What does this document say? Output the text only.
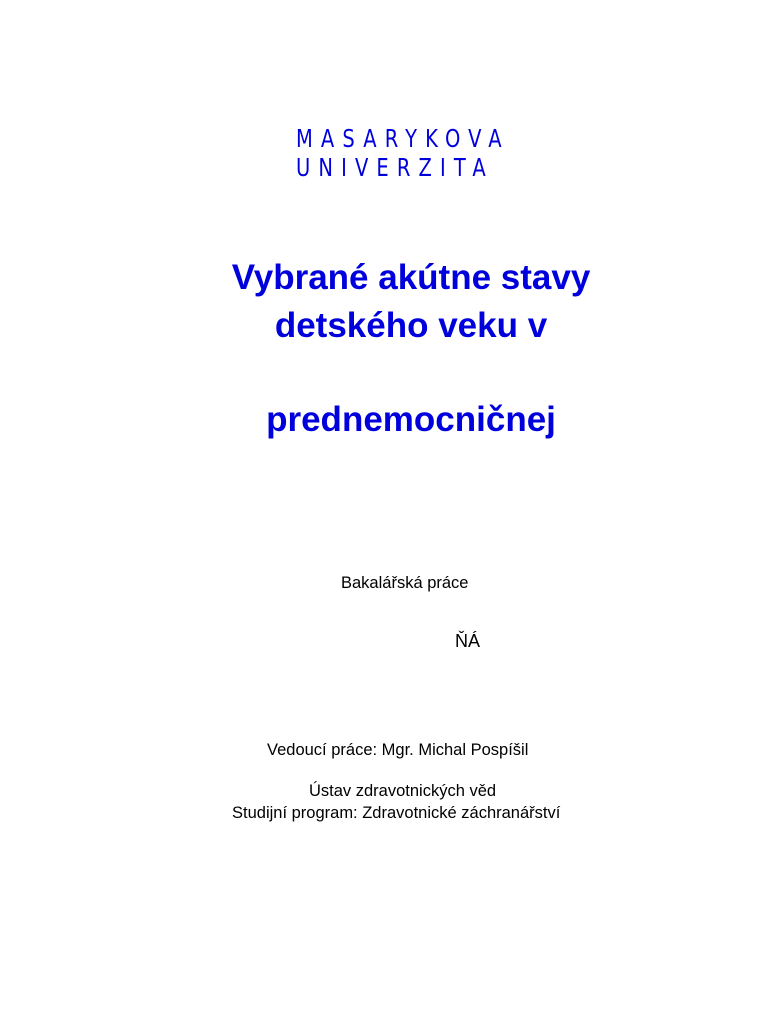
MASARYKOVA
UNIVERZITA
Vybrané akútne stavy
detského veku v
prednemocničnej
Bakalářská práce
ŇÁ
Vedoucí práce: Mgr. Michal Pospíšil
Ústav zdravotnických věd
Studijní program: Zdravotnické záchranářství
